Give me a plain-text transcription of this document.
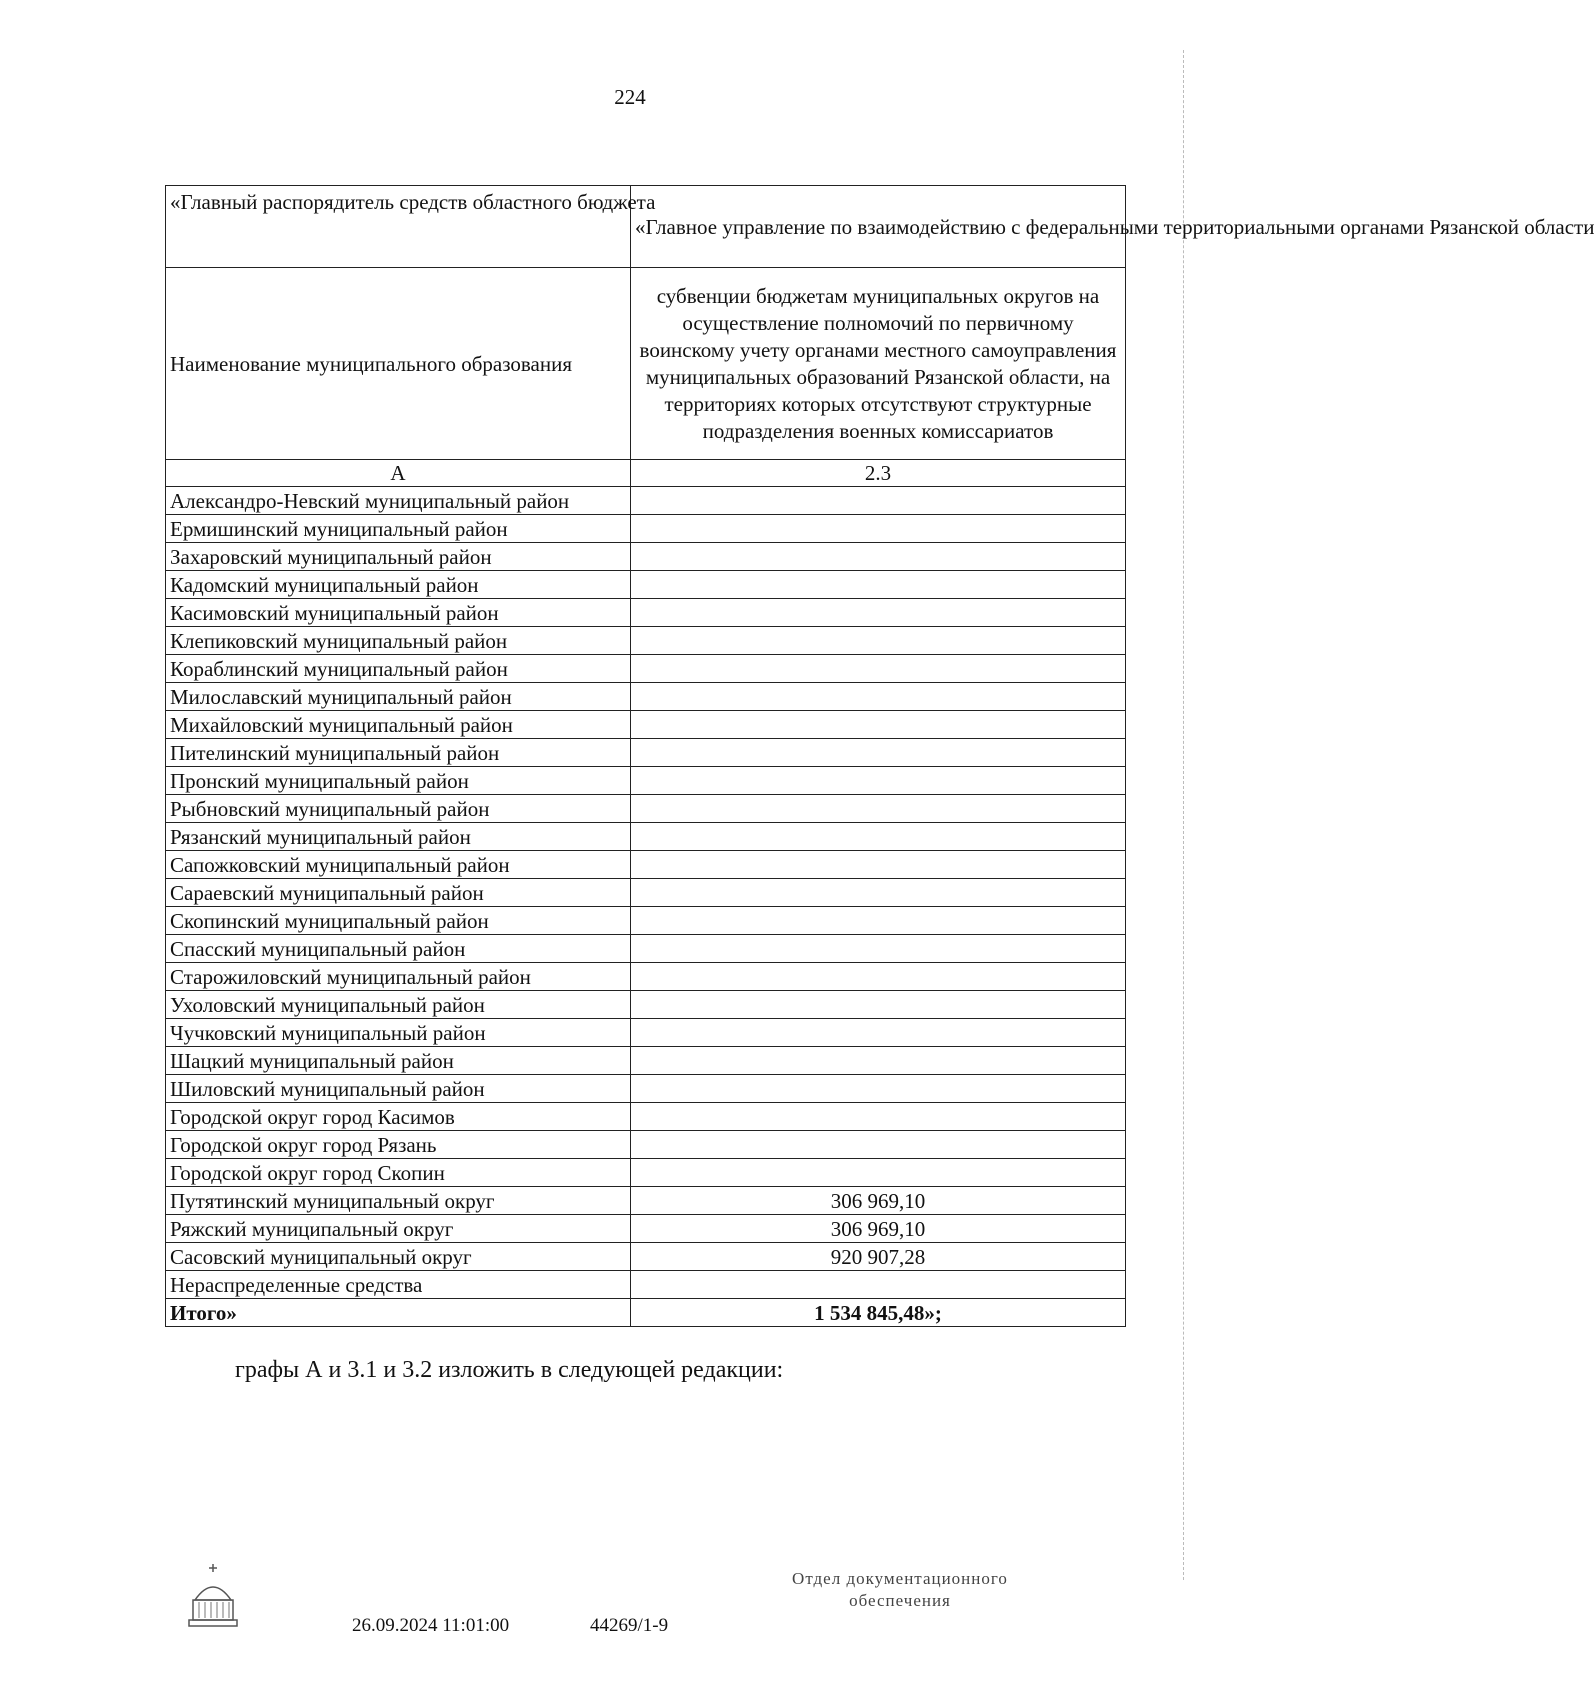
224
«Главный распорядитель средств областного бюджета	«Главное управление по взаимодействию с федеральными территориальными органами Рязанской области
Наименование муниципального образования	субвенции бюджетам муниципальных округов на осуществление полномочий по первичному воинскому учету органами местного самоуправления муниципальных образований Рязанской области, на территориях которых отсутствуют структурные подразделения военных комиссариатов
А	2.3
Александро-Невский муниципальный район	
Ермишинский муниципальный район	
Захаровский муниципальный район	
Кадомский муниципальный район	
Касимовский муниципальный район	
Клепиковский муниципальный район	
Кораблинский муниципальный район	
Милославский муниципальный район	
Михайловский муниципальный район	
Пителинский муниципальный район	
Пронский муниципальный район	
Рыбновский муниципальный район	
Рязанский муниципальный район	
Сапожковский муниципальный район	
Сараевский муниципальный район	
Скопинский муниципальный район	
Спасский муниципальный район	
Старожиловский муниципальный район	
Ухоловский муниципальный район	
Чучковский муниципальный район	
Шацкий муниципальный район	
Шиловский муниципальный район	
Городской округ город Касимов	
Городской округ город Рязань	
Городской округ город Скопин	
Путятинский муниципальный округ	306 969,10
Ряжский муниципальный округ	306 969,10
Сасовский муниципальный округ	920 907,28
Нераспределенные средства	
Итого»	1 534 845,48»;
графы А и 3.1 и 3.2 изложить в следующей редакции:
26.09.2024 11:01:00	44269/1-9
Отдел документационного
обеспечения
